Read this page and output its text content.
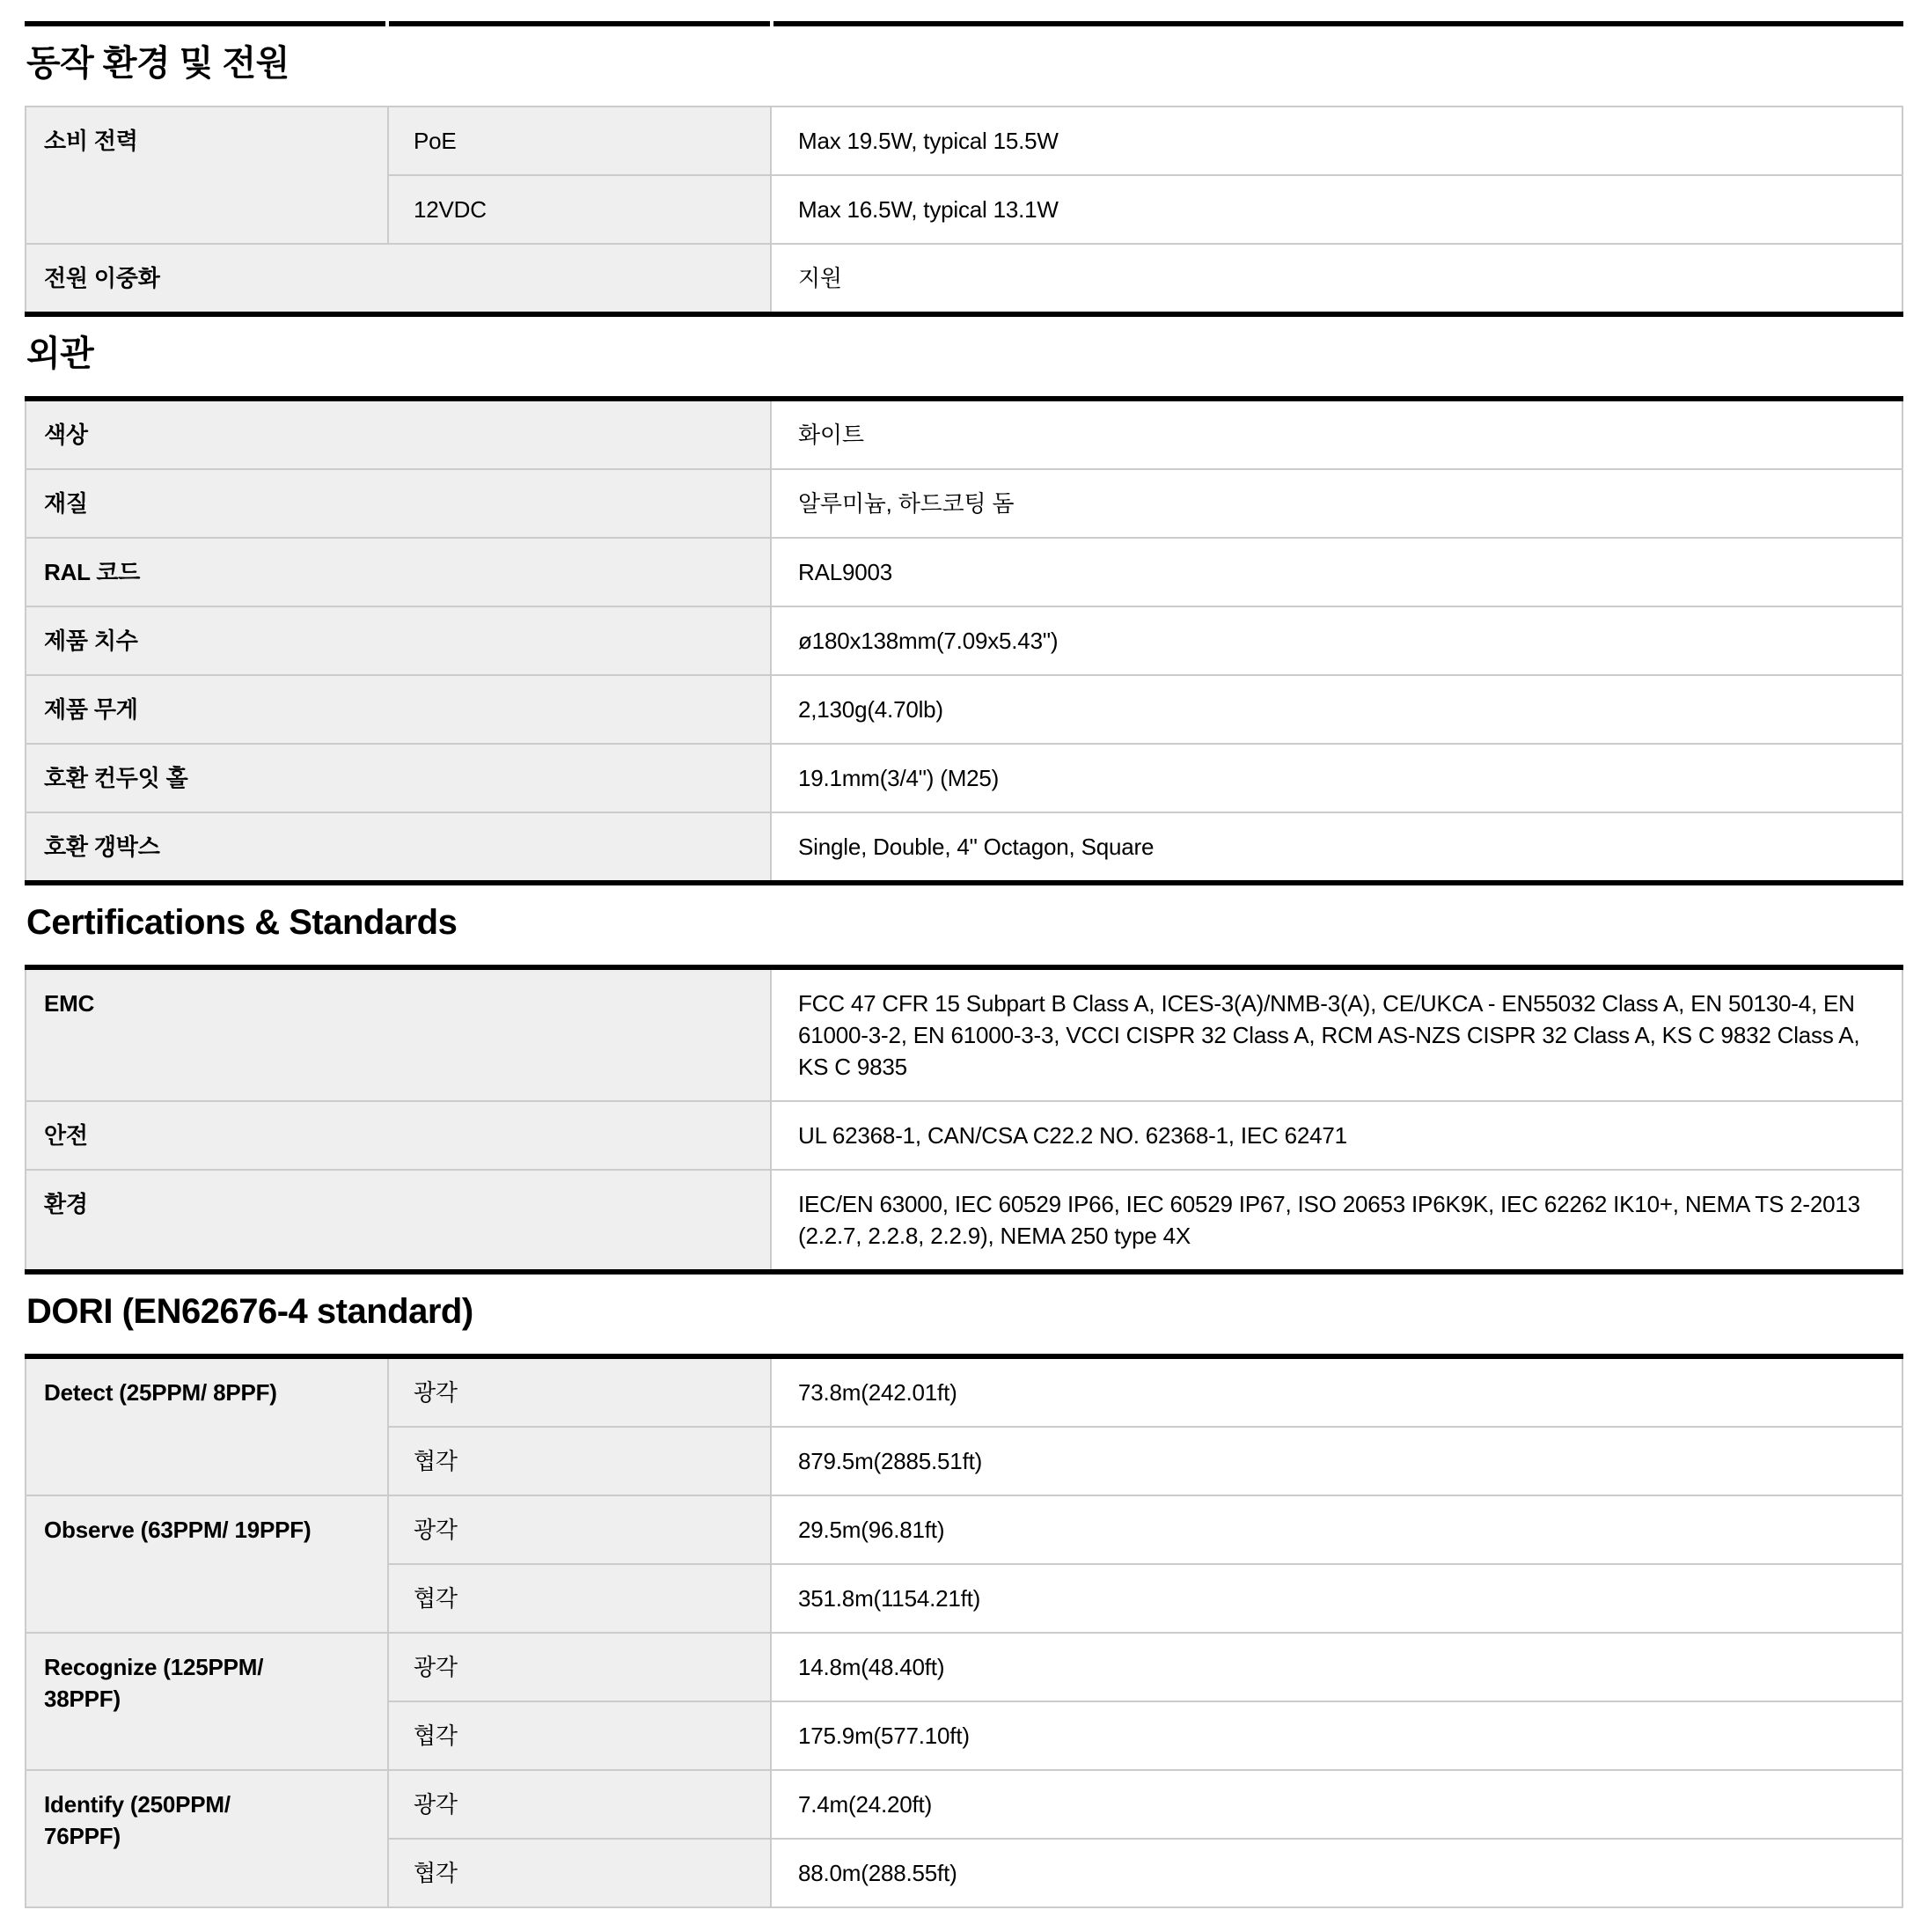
동작 환경 및 전원
소비 전력	PoE	Max 19.5W, typical 15.5W
	12VDC	Max 16.5W, typical 13.1W
전원 이중화		지원
외관
색상	화이트
재질	알루미늄, 하드코팅 돔
RAL 코드	RAL9003
제품 치수	ø180x138mm(7.09x5.43")
제품 무게	2,130g(4.70lb)
호환 컨두잇 홀	19.1mm(3/4") (M25)
호환 갱박스	Single, Double, 4" Octagon, Square
Certifications & Standards
EMC	FCC 47 CFR 15 Subpart B Class A, ICES-3(A)/NMB-3(A), CE/UKCA - EN55032 Class A, EN 50130-4, EN 61000-3-2, EN 61000-3-3, VCCI CISPR 32 Class A, RCM AS-NZS CISPR 32 Class A, KS C 9832 Class A, KS C 9835
안전	UL 62368-1, CAN/CSA C22.2 NO. 62368-1, IEC 62471
환경	IEC/EN 63000, IEC 60529 IP66, IEC 60529 IP67, ISO 20653 IP6K9K, IEC 62262 IK10+, NEMA TS 2-2013 (2.2.7, 2.2.8, 2.2.9), NEMA 250 type 4X
DORI (EN62676-4 standard)
Detect (25PPM/ 8PPF)	광각	73.8m(242.01ft)
	협각	879.5m(2885.51ft)
Observe (63PPM/ 19PPF)	광각	29.5m(96.81ft)
	협각	351.8m(1154.21ft)
Recognize (125PPM/
38PPF)	광각	14.8m(48.40ft)
	협각	175.9m(577.10ft)
Identify (250PPM/
76PPF)	광각	7.4m(24.20ft)
	협각	88.0m(288.55ft)
